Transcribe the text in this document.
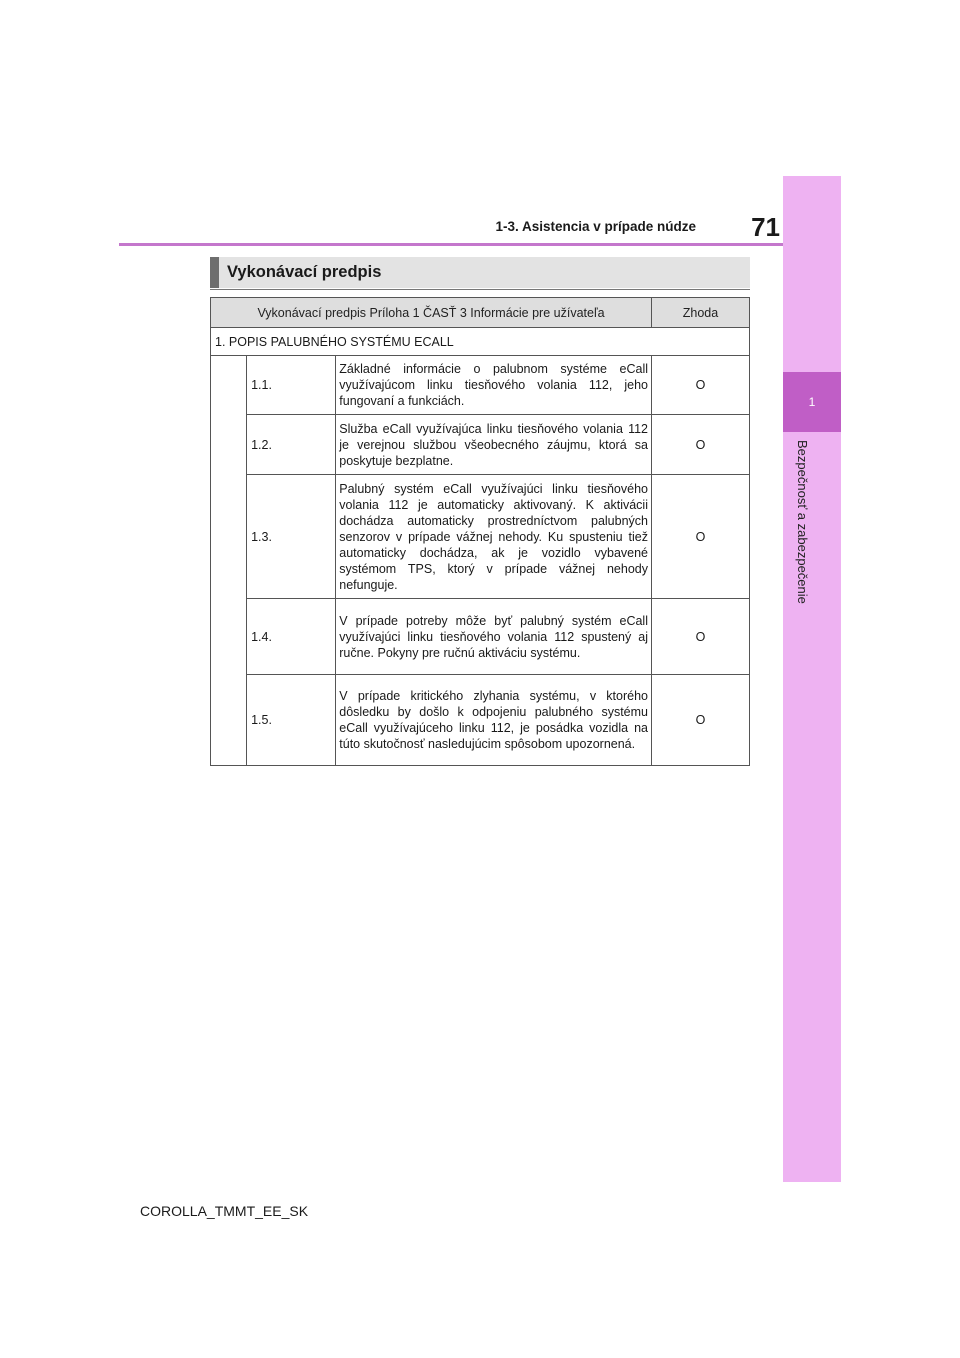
1
Bezpečnosť a zabezpečenie
71
1-3. Asistencia v prípade núdze
Vykonávací predpis
Vykonávací predpis Príloha 1 ČASŤ 3 Informácie pre užívateľa			Zhoda
1. POPIS PALUBNÉHO SYSTÉMU ECALL			
	1.1.	Základné informácie o palubnom systéme eCall využívajúcom linku tiesňového volania 112, jeho fungovaní a funkciách.	O
	1.2.	Služba eCall využívajúca linku tiesňového volania 112 je verejnou službou všeobecného záujmu, ktorá sa poskytuje bezplatne.	O
	1.3.	Palubný systém eCall využívajúci linku tiesňového volania 112 je automaticky aktivovaný. K aktivácii dochádza automaticky prostredníctvom palubných senzorov v prípade vážnej nehody. Ku spusteniu tiež automaticky dochádza, ak je vozidlo vybavené systémom TPS, ktorý v prípade vážnej nehody nefunguje.	O
	1.4.	V prípade potreby môže byť palubný systém eCall využívajúci linku tiesňového volania 112 spustený aj ručne. Pokyny pre ručnú aktiváciu systému.	O
	1.5.	V prípade kritického zlyhania systému, v ktorého dôsledku by došlo k odpojeniu palubného systému eCall využívajúceho linku 112, je posádka vozidla na túto skutočnosť nasledujúcim spôsobom upozornená.	O
COROLLA_TMMT_EE_SK
